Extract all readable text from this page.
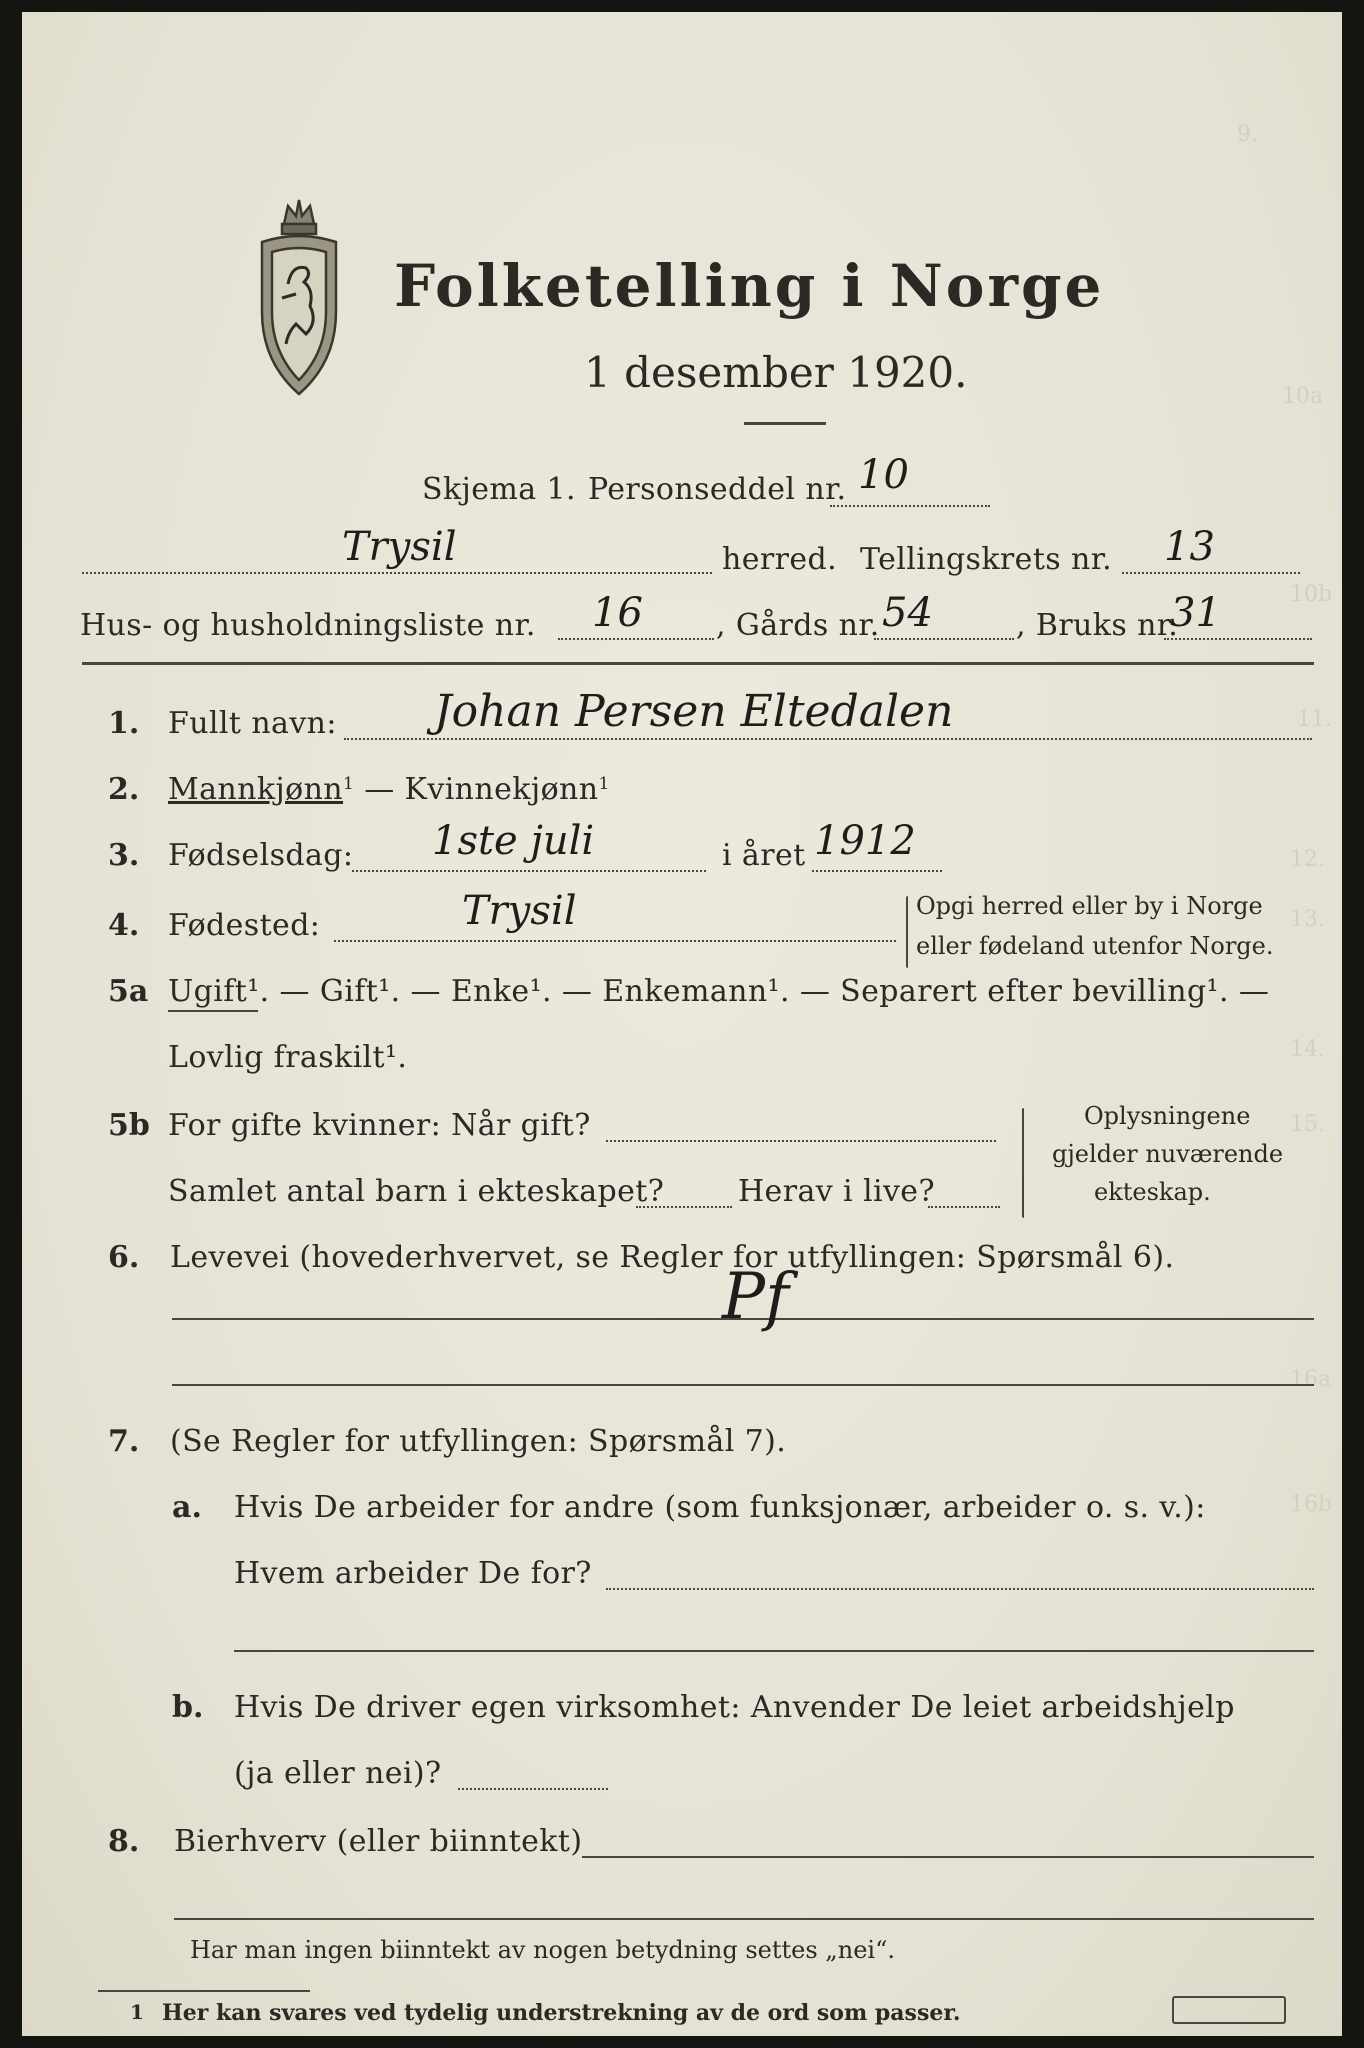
9.
10a
10b
11.
12.
13.
14.
15.
16a
16b
Folketelling i Norge
1 desember 1920.
Skjema 1. Personseddel nr. 10
Trysil	herred. Tellingskrets nr. 13
Hus- og husholdningsliste nr. 16 , Gårds nr. 54	, Bruks nr.
31
1. Fullt navn: Johan Persen Eltedalen
2. Mannkjønn$^1$ — Kvinnekjønn$^1$
3. Fødselsdag: 1ste juli	i året 1912
4. Fødested:	Trysil	Opgi herred eller by i Norge
eller fødeland utenfor Norge.
5a Ugift¹. — Gift¹. — Enke¹. — Enkemann¹. — Separert efter bevilling¹. —
Lovlig fraskilt¹.
5b For gifte kvinner: Når gift?
Samlet antal barn i ekteskapet? Herav i live?
Oplysningene
gjelder nuværende
ekteskap.
6. Levevei (hovederhvervet, se Regler for utfyllingen: Spørsmål 6).
Pf
7. (Se Regler for utfyllingen: Spørsmål 7).
a. Hvis De arbeider for andre (som funksjonær, arbeider o. s. v.):
Hvem arbeider De for?
b. Hvis De driver egen virksomhet: Anvender De leiet arbeidshjelp
(ja eller nei)?
8. Bierhverv (eller biinntekt)
Har man ingen biinntekt av nogen betydning settes „nei“.
1 Her kan svares ved tydelig understrekning av de ord som passer.
